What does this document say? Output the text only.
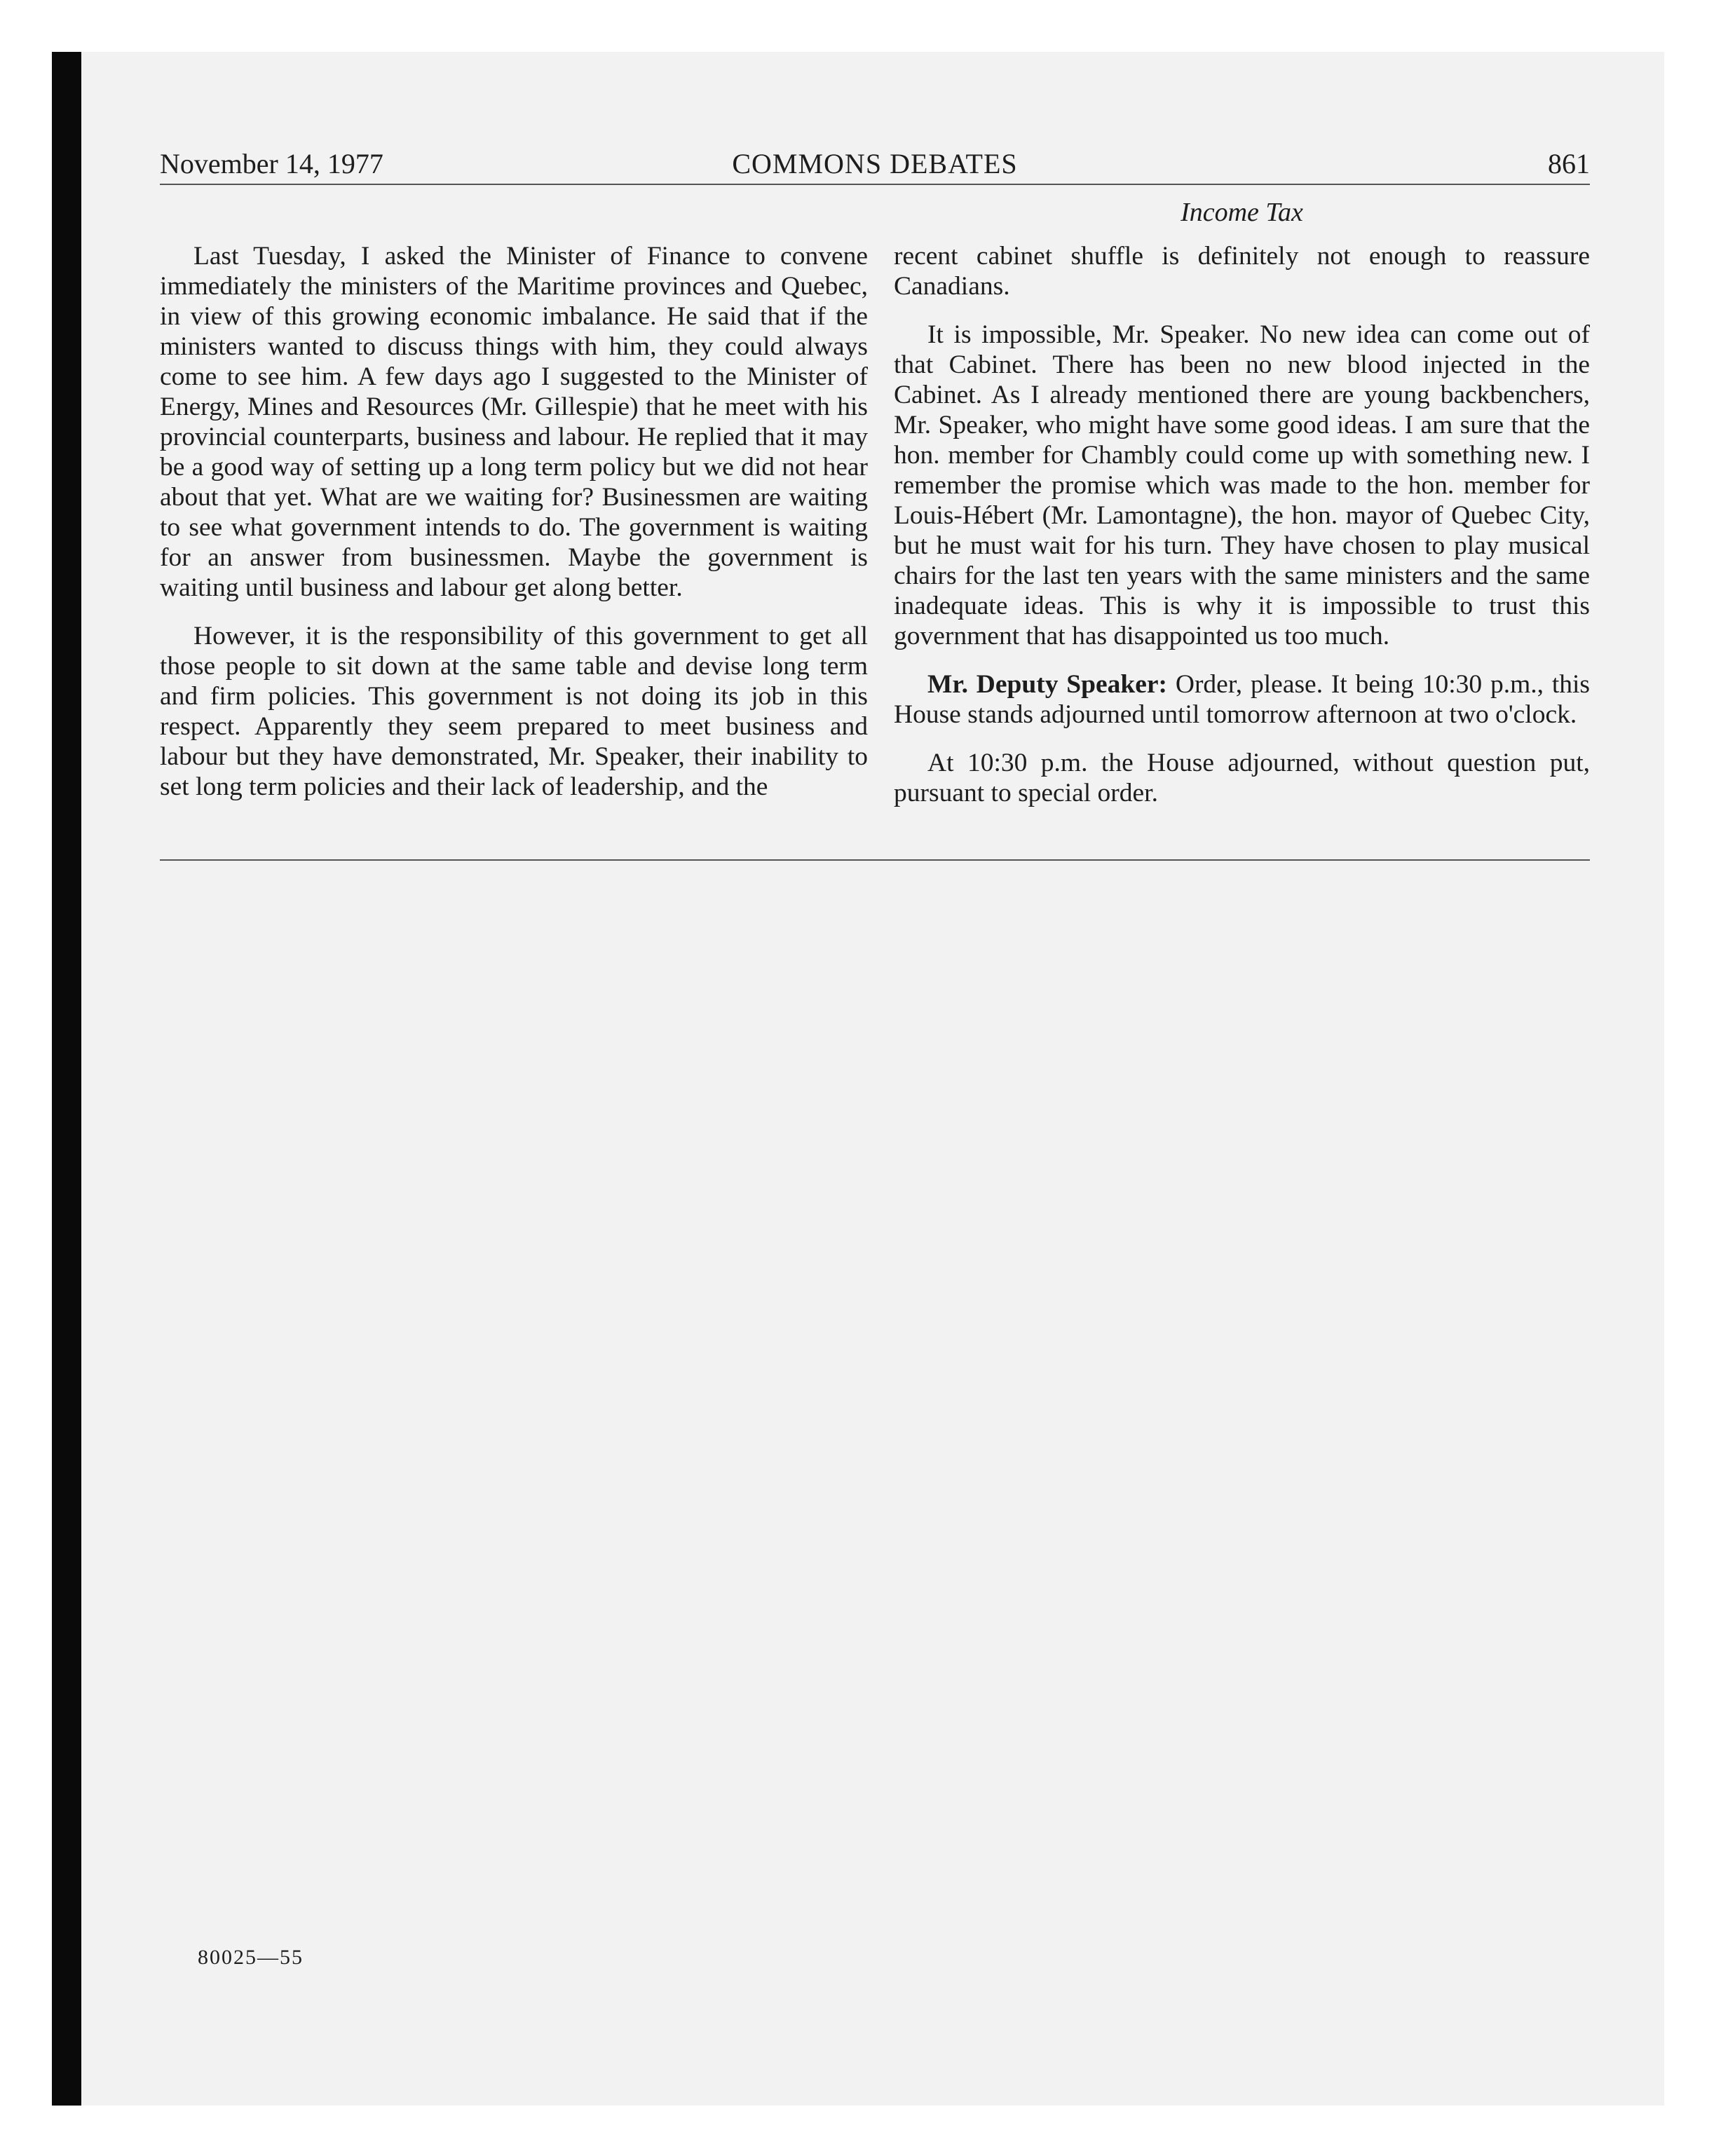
November 14, 1977	COMMONS DEBATES	861
Income Tax

Last Tuesday, I asked the Minister of Finance to convene immediately the ministers of the Maritime provinces and Quebec, in view of this growing economic imbalance. He said that if the ministers wanted to discuss things with him, they could always come to see him. A few days ago I suggested to the Minister of Energy, Mines and Resources (Mr. Gillespie) that he meet with his provincial counterparts, business and labour. He replied that it may be a good way of setting up a long term policy but we did not hear about that yet. What are we waiting for? Businessmen are waiting to see what government intends to do. The government is waiting for an answer from businessmen. Maybe the government is waiting until business and labour get along better.

However, it is the responsibility of this government to get all those people to sit down at the same table and devise long term and firm policies. This government is not doing its job in this respect. Apparently they seem prepared to meet business and labour but they have demonstrated, Mr. Speaker, their inability to set long term policies and their lack of leadership, and the

recent cabinet shuffle is definitely not enough to reassure Canadians.

It is impossible, Mr. Speaker. No new idea can come out of that Cabinet. There has been no new blood injected in the Cabinet. As I already mentioned there are young backbenchers, Mr. Speaker, who might have some good ideas. I am sure that the hon. member for Chambly could come up with something new. I remember the promise which was made to the hon. member for Louis-Hébert (Mr. Lamontagne), the hon. mayor of Quebec City, but he must wait for his turn. They have chosen to play musical chairs for the last ten years with the same ministers and the same inadequate ideas. This is why it is impossible to trust this government that has disappointed us too much.

Mr. Deputy Speaker: Order, please. It being 10:30 p.m., this House stands adjourned until tomorrow afternoon at two o'clock.

At 10:30 p.m. the House adjourned, without question put, pursuant to special order.

80025—55
